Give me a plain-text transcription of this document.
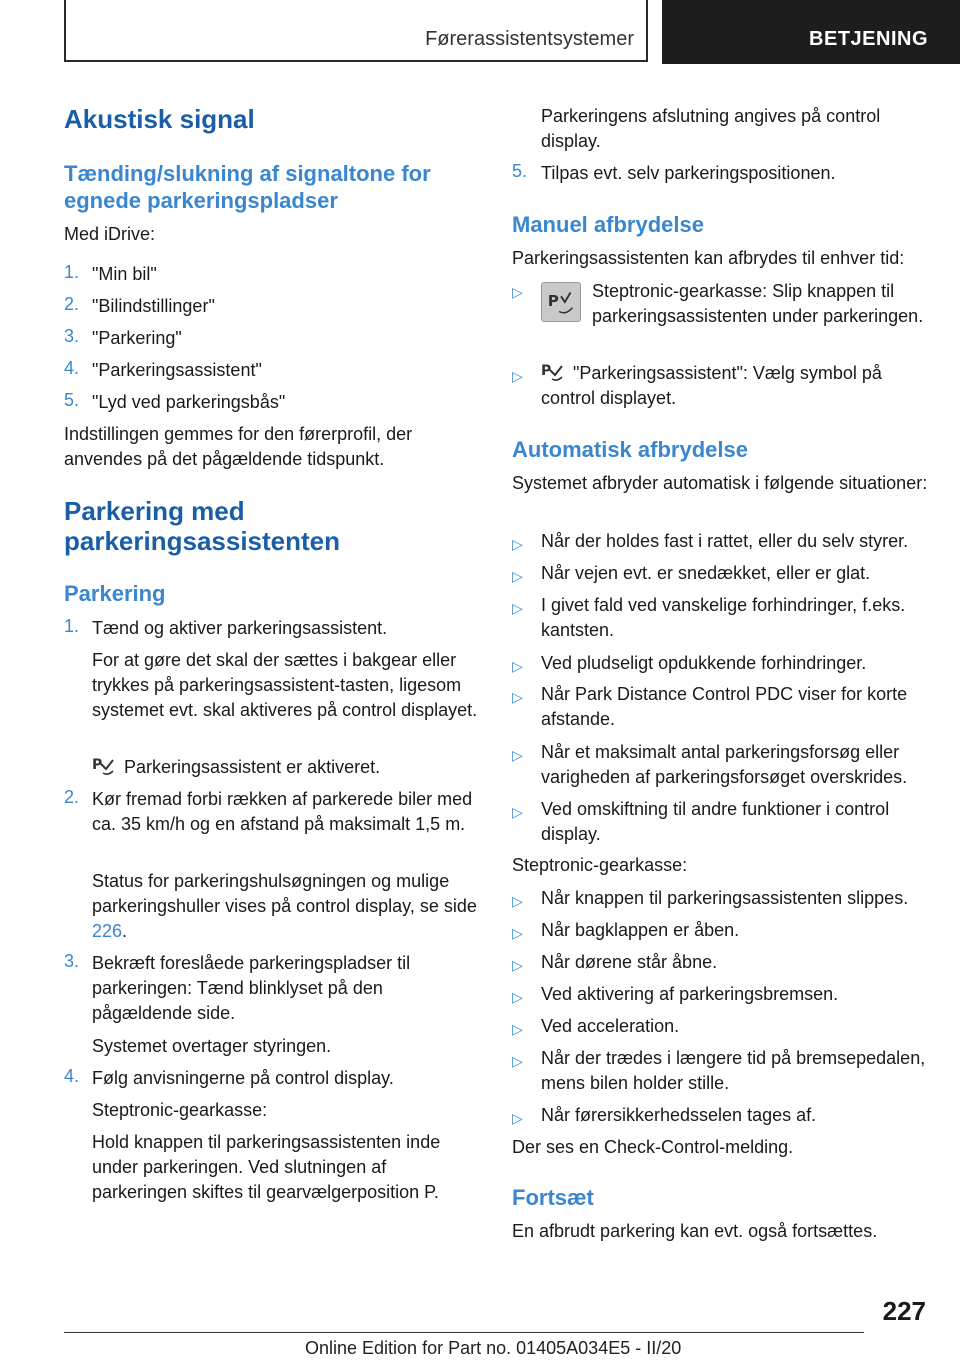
Førerassistentsystemer	BETJENING
Akustisk signal
Tænding/slukning af signaltone for egnede parkeringspladser

Med iDrive:

1. "Min bil"

2. "Bilindstillinger"

3. "Parkering"

4. "Parkeringsassistent"

5. "Lyd ved parkeringsbås"

Indstillingen gemmes for den førerprofil, der anvendes på det pågældende tidspunkt.

Parkering med parkeringsassistenten
Parkering
1. Tænd og aktiver parkeringsassistent.

For at gøre det skal der sættes i bakgear eller trykkes på parkeringsassistent-tasten, ligesom systemet evt. skal aktiveres på control displayet.

P Parkeringsassistent er aktiveret.

2. Kør fremad forbi rækken af parkerede biler med ca. 35 km/h og en afstand på maksimalt 1,5 m.

Status for parkeringshulsøgningen og mulige parkeringshuller vises på control display, se side 226.

3. Bekræft foreslåede parkeringspladser til parkeringen: Tænd blinklyset på den pågældende side.

Systemet overtager styringen.

4. Følg anvisningerne på control display.

Steptronic-gearkasse:

Hold knappen til parkeringsassistenten inde under parkeringen. Ved slutningen af parkeringen skiftes til gearvælgerposition P.

Parkeringens afslutning angives på control display.

5. Tilpas evt. selv parkeringspositionen.

Manuel afbrydelse

Parkeringsassistenten kan afbrydes til enhver tid:

▷ P Steptronic-gearkasse: Slip knappen til parkeringsassistenten under parkeringen.

▷ P "Parkeringsassistent": Vælg symbol på control displayet.

Automatisk afbrydelse

Systemet afbryder automatisk i følgende situationer:

▷ Når der holdes fast i rattet, eller du selv styrer.

▷ Når vejen evt. er snedækket, eller er glat.

▷ I givet fald ved vanskelige forhindringer, f.eks. kantsten.

▷ Ved pludseligt opdukkende forhindringer.

▷ Når Park Distance Control PDC viser for korte afstande.

▷ Når et maksimalt antal parkeringsforsøg eller varigheden af parkeringsforsøget overskrides.

▷ Ved omskiftning til andre funktioner i control display.

Steptronic-gearkasse:

▷ Når knappen til parkeringsassistenten slippes.

▷ Når bagklappen er åben.

▷ Når dørene står åbne.

▷ Ved aktivering af parkeringsbremsen.

▷ Ved acceleration.

▷ Når der trædes i længere tid på bremsepedalen, mens bilen holder stille.

▷ Når førersikkerhedsselen tages af.

Der ses en Check-Control-melding.

Fortsæt

En afbrudt parkering kan evt. også fortsættes.

227
Online Edition for Part no. 01405A034E5 - II/20
